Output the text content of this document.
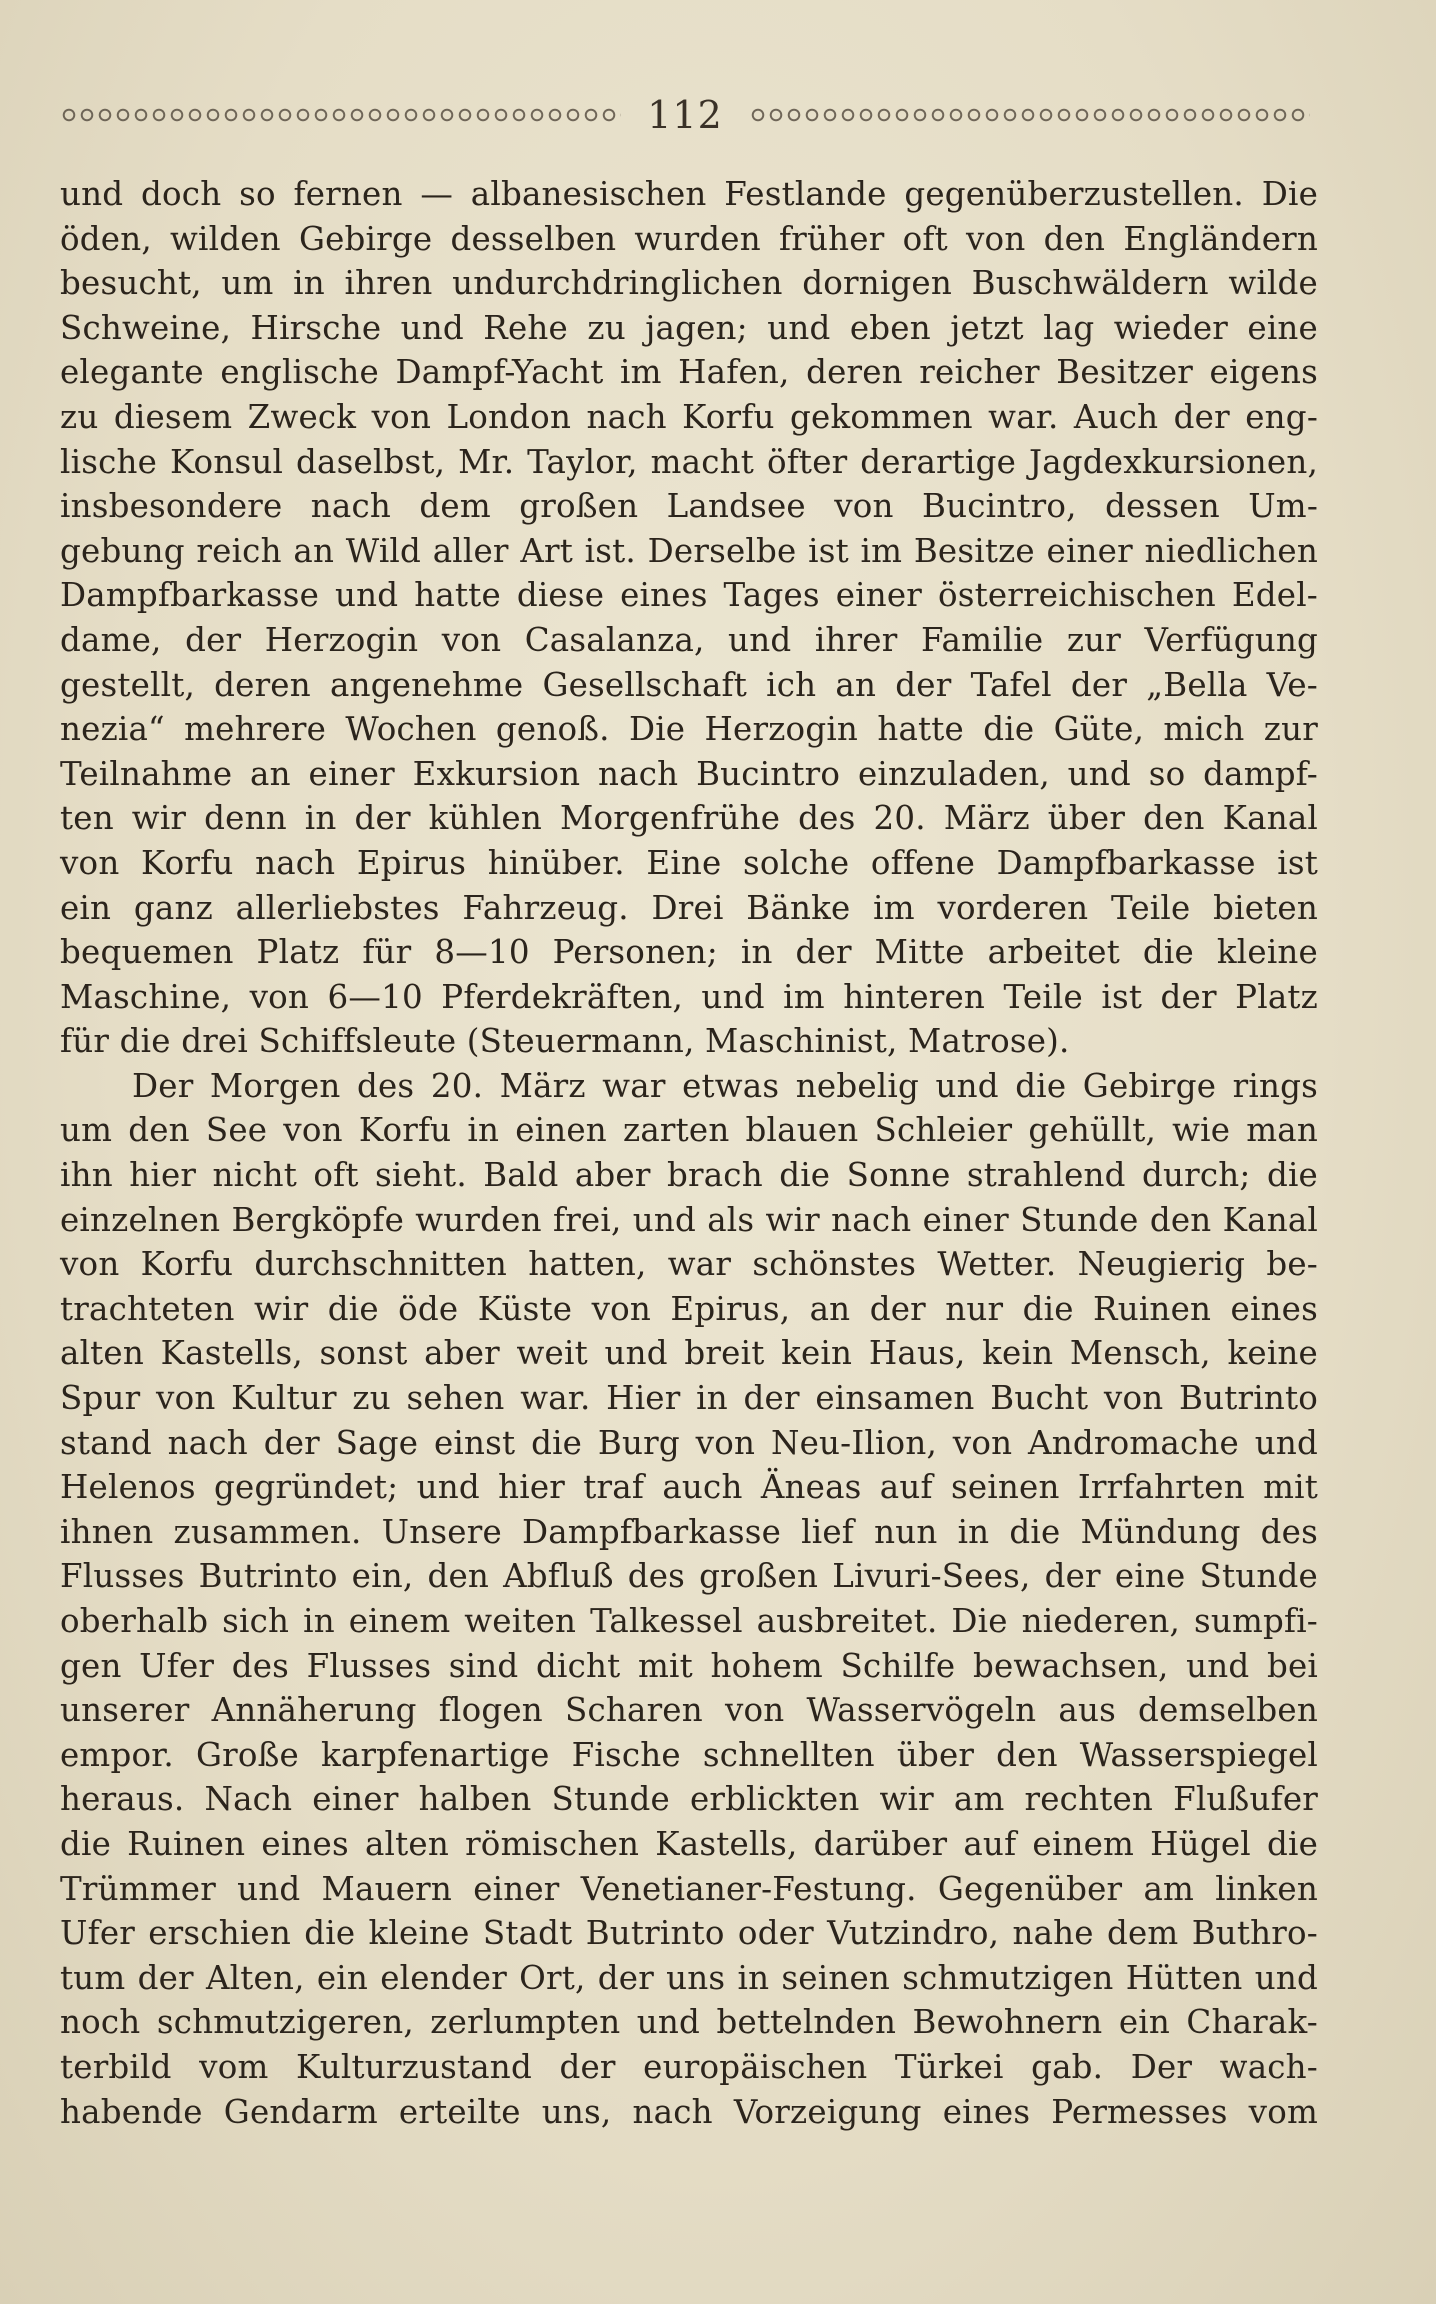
112
und doch so fernen — albanesischen Festlande gegenüberzustellen. Die
öden, wilden Gebirge desselben wurden früher oft von den Engländern
besucht, um in ihren undurchdringlichen dornigen Buschwäldern wilde
Schweine, Hirsche und Rehe zu jagen; und eben jetzt lag wieder eine
elegante englische Dampf-Yacht im Hafen, deren reicher Besitzer eigens
zu diesem Zweck von London nach Korfu gekommen war. Auch der eng-
lische Konsul daselbst, Mr. Taylor, macht öfter derartige Jagdexkursionen,
insbesondere nach dem großen Landsee von Bucintro, dessen Um-
gebung reich an Wild aller Art ist. Derselbe ist im Besitze einer niedlichen
Dampfbarkasse und hatte diese eines Tages einer österreichischen Edel-
dame, der Herzogin von Casalanza, und ihrer Familie zur Verfügung
gestellt, deren angenehme Gesellschaft ich an der Tafel der „Bella Ve-
nezia“ mehrere Wochen genoß. Die Herzogin hatte die Güte, mich zur
Teilnahme an einer Exkursion nach Bucintro einzuladen, und so dampf-
ten wir denn in der kühlen Morgenfrühe des 20. März über den Kanal
von Korfu nach Epirus hinüber. Eine solche offene Dampfbarkasse ist
ein ganz allerliebstes Fahrzeug. Drei Bänke im vorderen Teile bieten
bequemen Platz für 8—10 Personen; in der Mitte arbeitet die kleine
Maschine, von 6—10 Pferdekräften, und im hinteren Teile ist der Platz
für die drei Schiffsleute (Steuermann, Maschinist, Matrose).
Der Morgen des 20. März war etwas nebelig und die Gebirge rings
um den See von Korfu in einen zarten blauen Schleier gehüllt, wie man
ihn hier nicht oft sieht. Bald aber brach die Sonne strahlend durch; die
einzelnen Bergköpfe wurden frei, und als wir nach einer Stunde den Kanal
von Korfu durchschnitten hatten, war schönstes Wetter. Neugierig be-
trachteten wir die öde Küste von Epirus, an der nur die Ruinen eines
alten Kastells, sonst aber weit und breit kein Haus, kein Mensch, keine
Spur von Kultur zu sehen war. Hier in der einsamen Bucht von Butrinto
stand nach der Sage einst die Burg von Neu-Ilion, von Andromache und
Helenos gegründet; und hier traf auch Äneas auf seinen Irrfahrten mit
ihnen zusammen. Unsere Dampfbarkasse lief nun in die Mündung des
Flusses Butrinto ein, den Abfluß des großen Livuri-Sees, der eine Stunde
oberhalb sich in einem weiten Talkessel ausbreitet. Die niederen, sumpfi-
gen Ufer des Flusses sind dicht mit hohem Schilfe bewachsen, und bei
unserer Annäherung flogen Scharen von Wasservögeln aus demselben
empor. Große karpfenartige Fische schnellten über den Wasserspiegel
heraus. Nach einer halben Stunde erblickten wir am rechten Flußufer
die Ruinen eines alten römischen Kastells, darüber auf einem Hügel die
Trümmer und Mauern einer Venetianer-Festung. Gegenüber am linken
Ufer erschien die kleine Stadt Butrinto oder Vutzindro, nahe dem Buthro-
tum der Alten, ein elender Ort, der uns in seinen schmutzigen Hütten und
noch schmutzigeren, zerlumpten und bettelnden Bewohnern ein Charak-
terbild vom Kulturzustand der europäischen Türkei gab. Der wach-
habende Gendarm erteilte uns, nach Vorzeigung eines Permesses vom
